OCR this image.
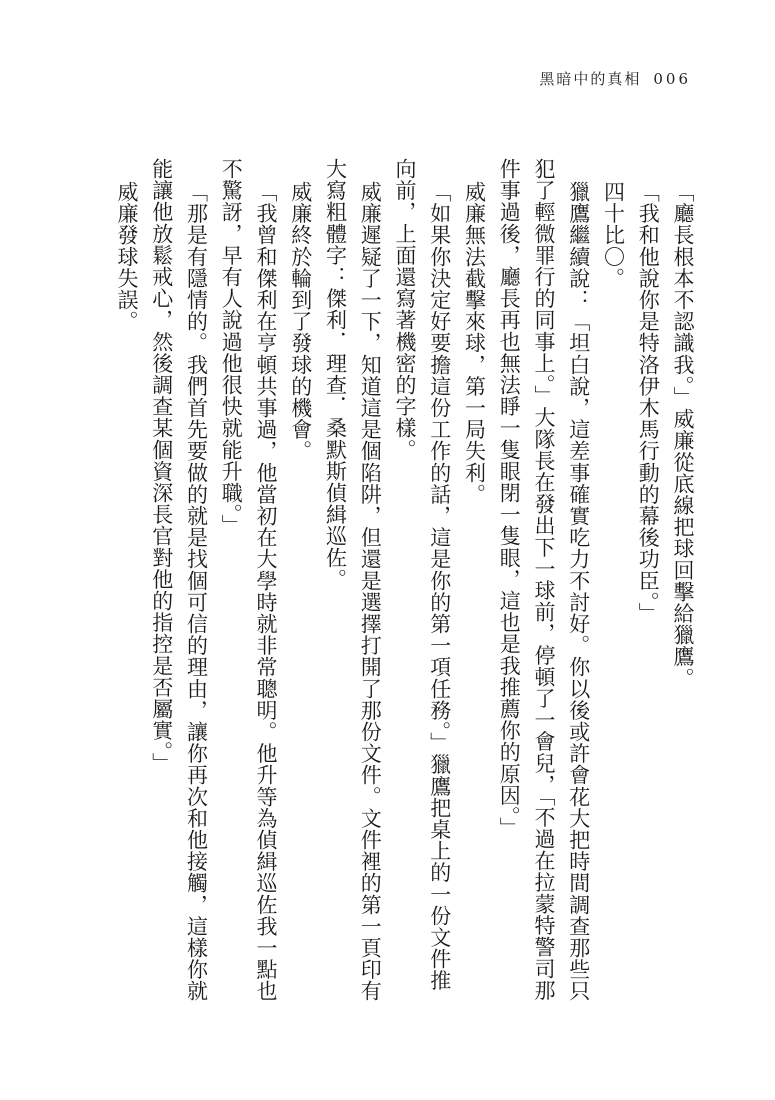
黑暗中的真相 006
「廳長根本不認識我。」威廉從底線把球回擊給獵鷹。
「我和他說你是特洛伊木馬行動的幕後功臣。」
四十比〇。
獵鷹繼續說：「坦白說，這差事確實吃力不討好。你以後或許會花大把時間調查那些只
犯了輕微罪行的同事上。」大隊長在發出下一球前，停頓了一會兒，「不過在拉蒙特警司那
件事過後，廳長再也無法睜一隻眼閉一隻眼，這也是我推薦你的原因。」
威廉無法截擊來球，第一局失利。
「如果你決定好要擔這份工作的話，這是你的第一項任務。」獵鷹把桌上的一份文件推
向前，上面還寫著機密的字樣。
威廉遲疑了一下，知道這是個陷阱，但還是選擇打開了那份文件。文件裡的第一頁印有
大寫粗體字：傑利．理查．桑默斯偵緝巡佐。
威廉終於輪到了發球的機會。
「我曾和傑利在亨頓共事過，他當初在大學時就非常聰明。他升等為偵緝巡佐我一點也
不驚訝，早有人說過他很快就能升職。」
「那是有隱情的。我們首先要做的就是找個可信的理由，讓你再次和他接觸，這樣你就
能讓他放鬆戒心，然後調查某個資深長官對他的指控是否屬實。」
威廉發球失誤。
